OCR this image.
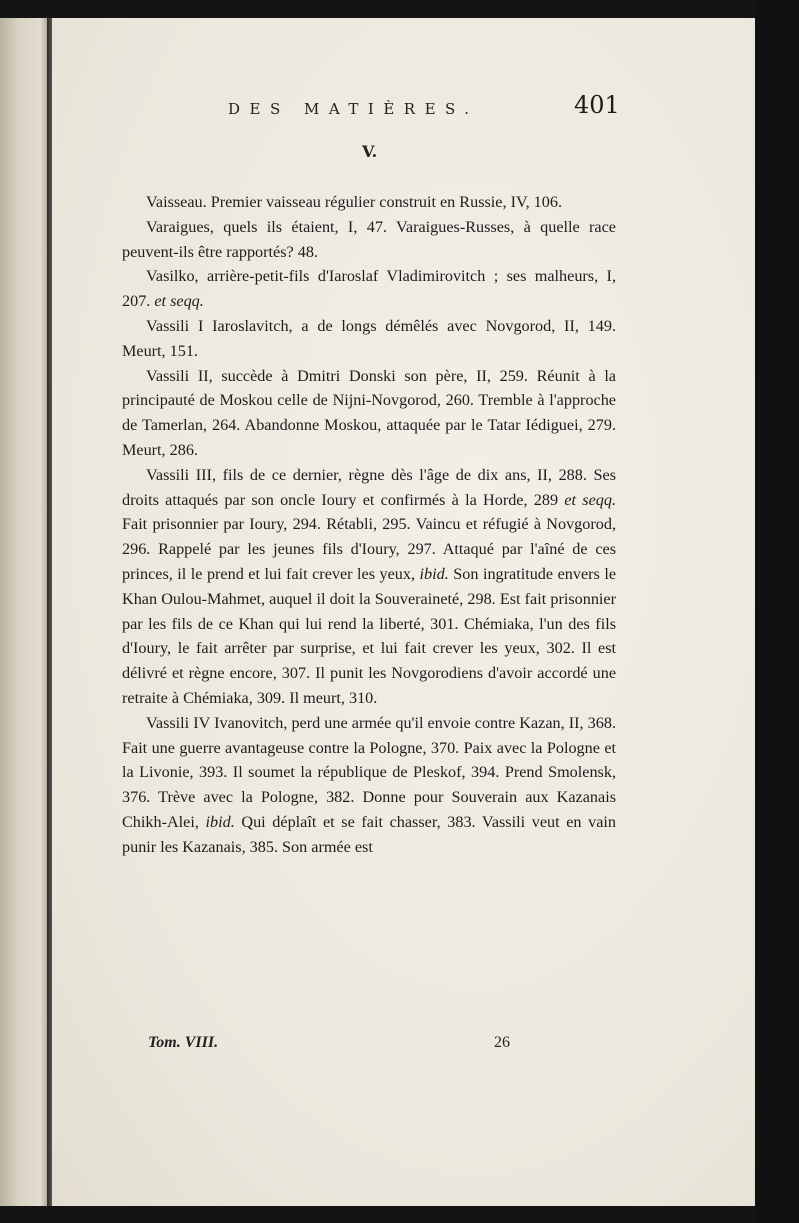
DES MATIÈRES.	401
V.

Vaisseau. Premier vaisseau régulier construit en Russie, IV, 106.

Varaigues, quels ils étaient, I, 47. Varaigues-Russes, à quelle race peuvent-ils être rapportés? 48.

Vasilko, arrière-petit-fils d'Iaroslaf Vladimirovitch ; ses malheurs, I, 207. et seqq.

Vassili I Iaroslavitch, a de longs démêlés avec Novgorod, II, 149. Meurt, 151.

Vassili II, succède à Dmitri Donski son père, II, 259. Réunit à la principauté de Moskou celle de Nijni-Novgorod, 260. Tremble à l'approche de Tamerlan, 264. Abandonne Moskou, attaquée par le Tatar Iédiguei, 279. Meurt, 286.

Vassili III, fils de ce dernier, règne dès l'âge de dix ans, II, 288. Ses droits attaqués par son oncle Ioury et confirmés à la Horde, 289 et seqq. Fait prisonnier par Ioury, 294. Rétabli, 295. Vaincu et réfugié à Novgorod, 296. Rappelé par les jeunes fils d'Ioury, 297. Attaqué par l'aîné de ces princes, il le prend et lui fait crever les yeux, ibid. Son ingratitude envers le Khan Oulou-Mahmet, auquel il doit la Souveraineté, 298. Est fait prisonnier par les fils de ce Khan qui lui rend la liberté, 301. Chémiaka, l'un des fils d'Ioury, le fait arrêter par surprise, et lui fait crever les yeux, 302. Il est délivré et règne encore, 307. Il punit les Novgorodiens d'avoir accordé une retraite à Chémiaka, 309. Il meurt, 310.

Vassili IV Ivanovitch, perd une armée qu'il envoie contre Kazan, II, 368. Fait une guerre avantageuse contre la Pologne, 370. Paix avec la Pologne et la Livonie, 393. Il soumet la république de Pleskof, 394. Prend Smolensk, 376. Trève avec la Pologne, 382. Donne pour Souverain aux Kazanais Chikh-Alei, ibid. Qui déplaît et se fait chasser, 383. Vassili veut en vain punir les Kazanais, 385. Son armée est

Tom. VIII.	26
